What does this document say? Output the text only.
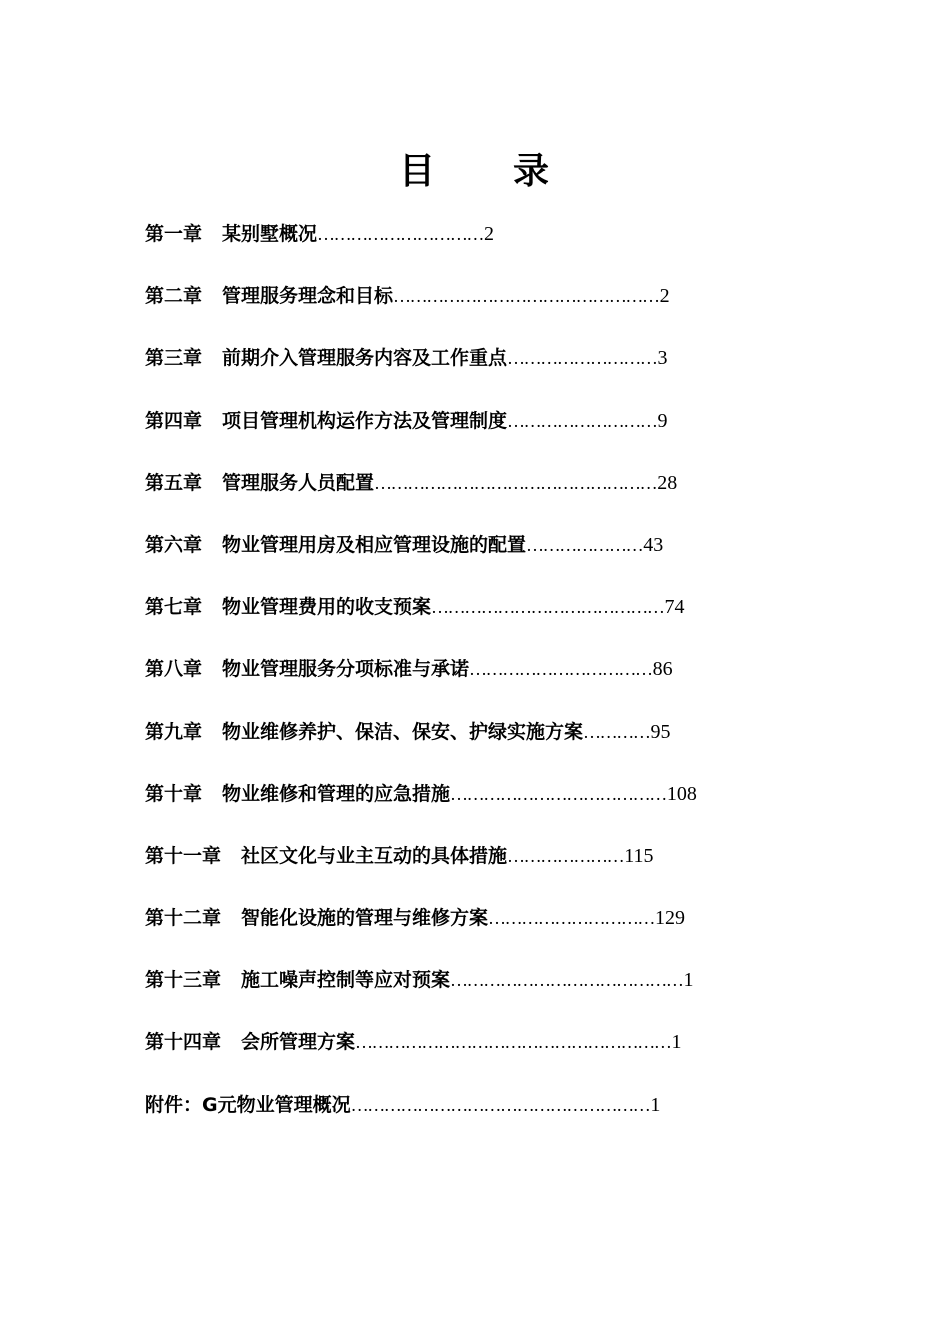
目 录
第一章 某别墅概况…………………………2
第二章 管理服务理念和目标…………………………………………2
第三章 前期介入管理服务内容及工作重点………………………3
第四章 项目管理机构运作方法及管理制度………………………9
第五章 管理服务人员配置……………………………………………28
第六章 物业管理用房及相应管理设施的配置…………………43
第七章 物业管理费用的收支预案……………………………………74
第八章 物业管理服务分项标准与承诺……………………………86
第九章 物业维修养护、保洁、保安、护绿实施方案…………95
第十章 物业维修和管理的应急措施…………………………………108
第十一章 社区文化与业主互动的具体措施…………………115
第十二章 智能化设施的管理与维修方案…………………………129
第十三章 施工噪声控制等应对预案……………………………………1
第十四章 会所管理方案…………………………………………………1
附件：G元物业管理概况………………………………………………1
